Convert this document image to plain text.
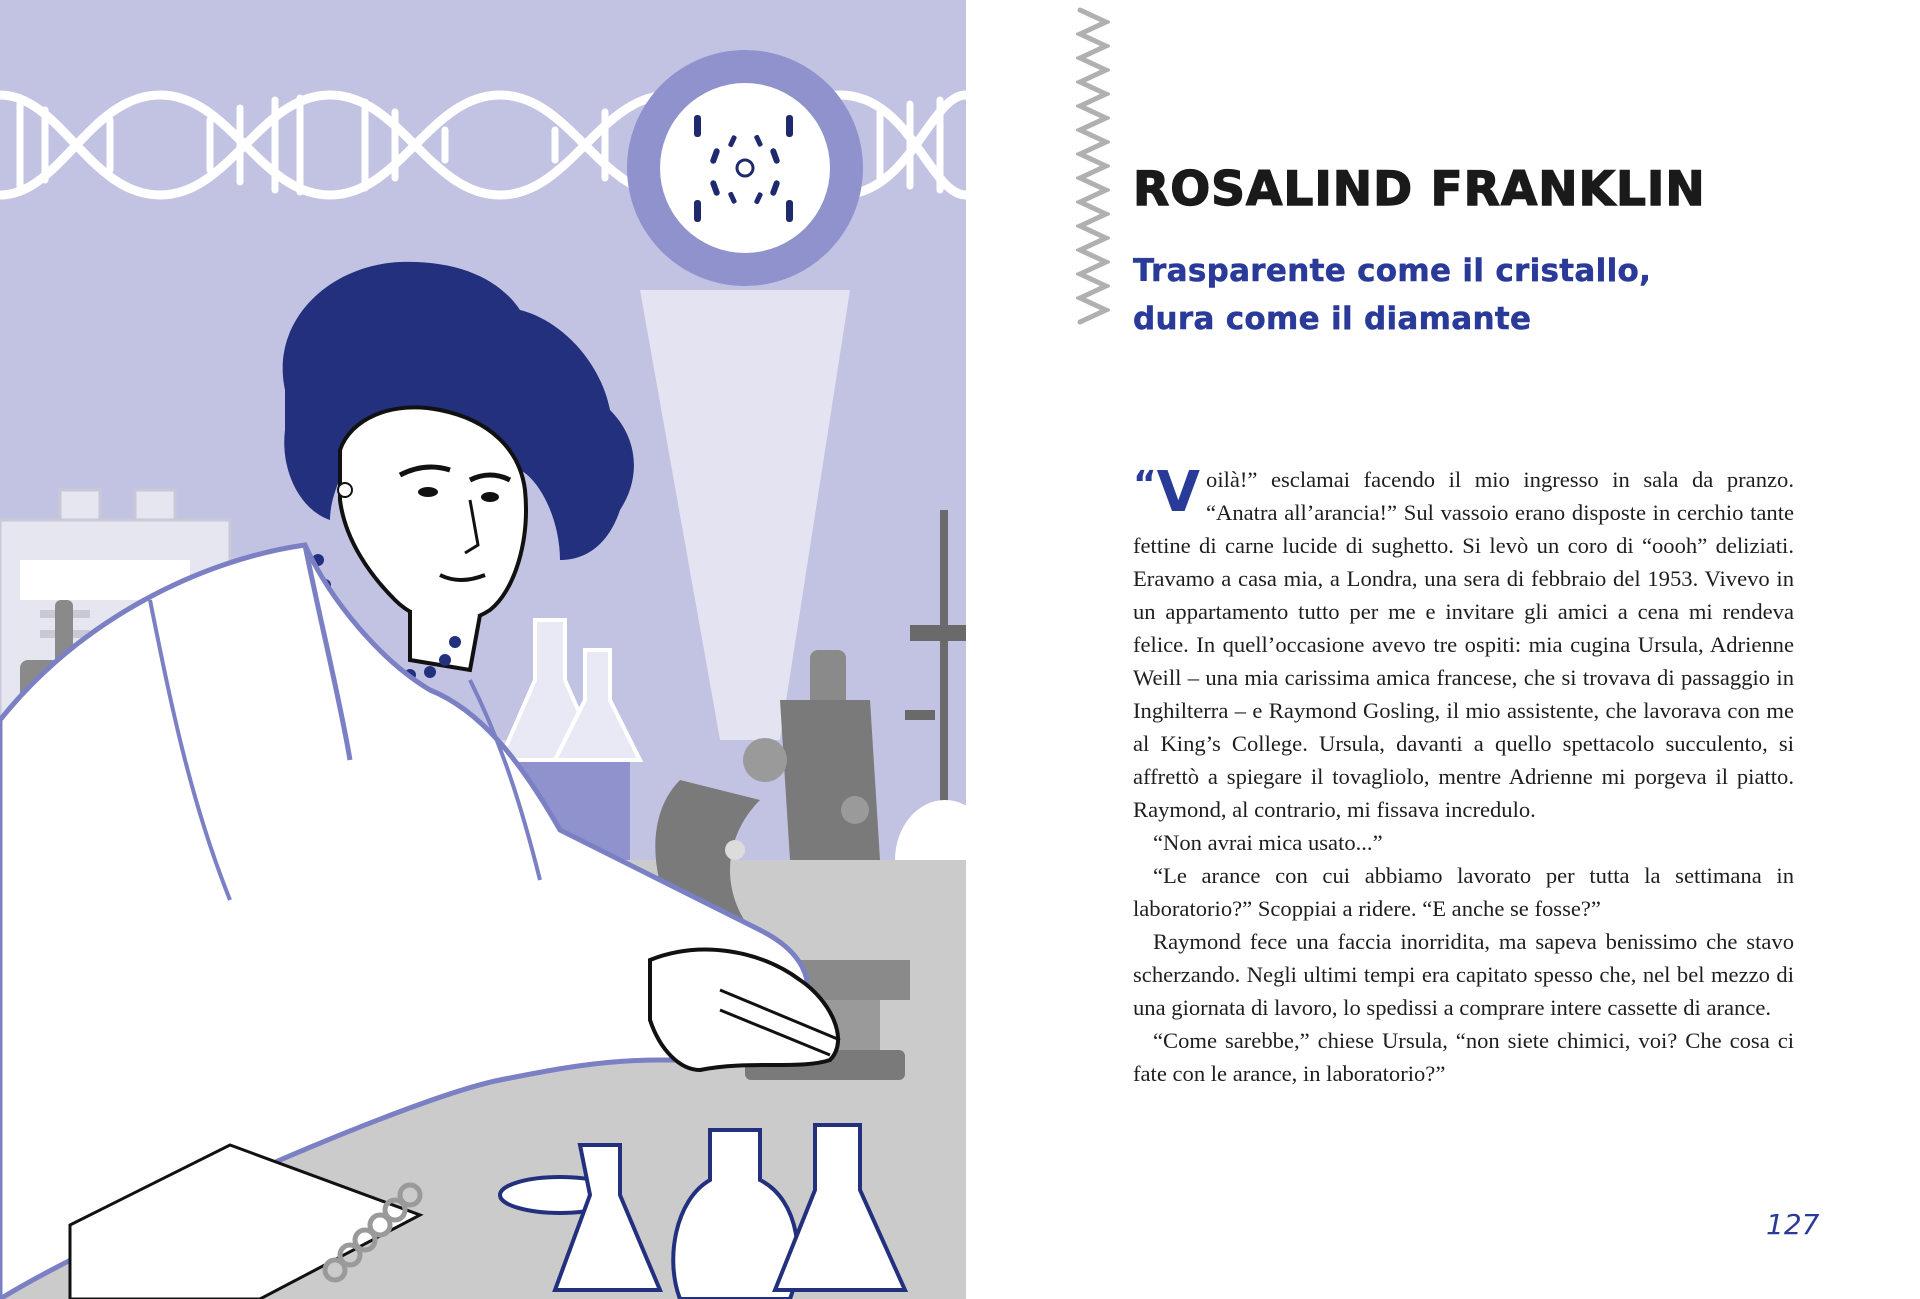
ROSALIND FRANKLIN
Trasparente come il cristallo,
dura come il diamante

“V oilà!” esclamai facendo il mio ingresso in sala da pranzo. “Anatra all’arancia!” Sul vassoio erano disposte in cerchio tante fettine di carne lucide di sughetto. Si levò un coro di “oooh” deliziati. Eravamo a casa mia, a Londra, una sera di febbraio del 1953. Vivevo in un appartamento tutto per me e invitare gli amici a cena mi rendeva felice. In quell’occasione avevo tre ospiti: mia cugina Ursula, Adrienne Weill – una mia carissima amica francese, che si trovava di passaggio in Inghilterra – e Raymond Gosling, il mio assistente, che lavorava con me al King’s College. Ursula, davanti a quello spettacolo succulento, si affrettò a spiegare il tovagliolo, mentre Adrienne mi porgeva il piatto. Raymond, al contrario, mi fissava incredulo.

“Non avrai mica usato...”

“Le arance con cui abbiamo lavorato per tutta la settimana in laboratorio?” Scoppiai a ridere. “E anche se fosse?”

Raymond fece una faccia inorridita, ma sapeva benissimo che stavo scherzando. Negli ultimi tempi era capitato spesso che, nel bel mezzo di una giornata di lavoro, lo spedissi a comprare intere cassette di arance.

“Come sarebbe,” chiese Ursula, “non siete chimici, voi? Che cosa ci fate con le arance, in laboratorio?”

127
